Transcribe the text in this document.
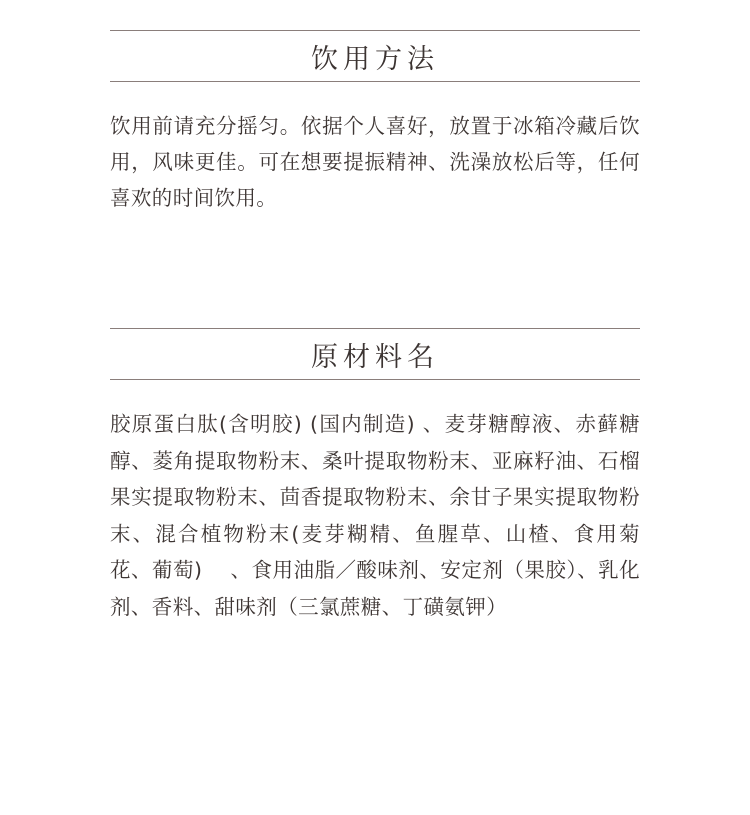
饮用方法

饮用前请充分摇匀。依据个人喜好，放置于冰箱冷藏后饮用，风味更佳。可在想要提振精神、洗澡放松后等，任何喜欢的时间饮用。

原材料名

胶原蛋白肽(含明胶) (国内制造) 、麦芽糖醇液、赤藓糖醇、菱角提取物粉末、桑叶提取物粉末、亚麻籽油、石榴果实提取物粉末、茴香提取物粉末、余甘子果实提取物粉末、混合植物粉末(麦芽糊精、鱼腥草、山楂、食用菊花、葡萄)　 、食用油脂／酸味剂、安定剂（果胶）、乳化剂、香料、甜味剂（三氯蔗糖、丁磺氨钾）
